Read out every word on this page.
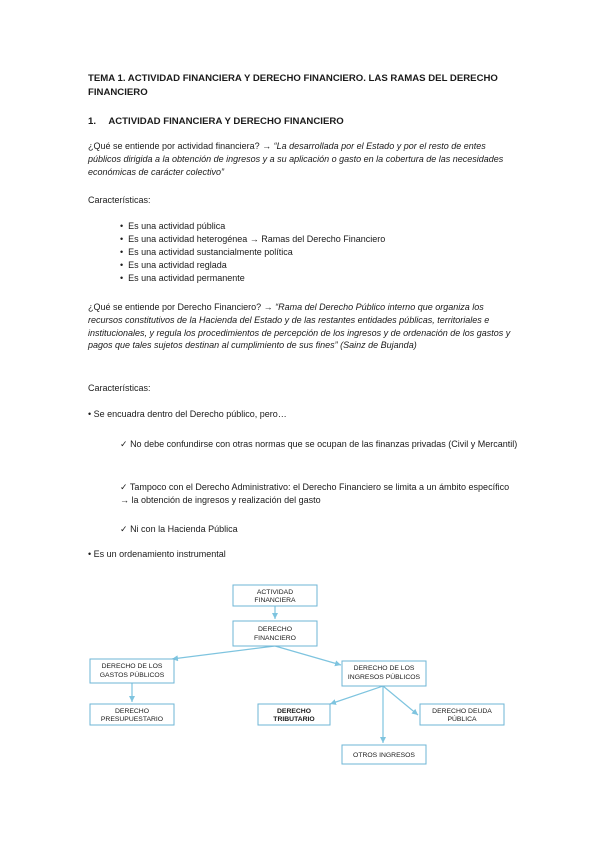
TEMA 1. ACTIVIDAD FINANCIERA Y DERECHO FINANCIERO. LAS RAMAS DEL DERECHO FINANCIERO
1. ACTIVIDAD FINANCIERA Y DERECHO FINANCIERO
¿Qué se entiende por actividad financiera? → “La desarrollada por el Estado y por el resto de entes públicos dirigida a la obtención de ingresos y a su aplicación o gasto en la cobertura de las necesidades económicas de carácter colectivo”
Características:
• Es una actividad pública
• Es una actividad heterogénea → Ramas del Derecho Financiero
• Es una actividad sustancialmente política
• Es una actividad reglada
• Es una actividad permanente
¿Qué se entiende por Derecho Financiero? → “Rama del Derecho Público interno que organiza los recursos constitutivos de la Hacienda del Estado y de las restantes entidades públicas, territoriales e institucionales, y regula los procedimientos de percepción de los ingresos y de ordenación de los gastos y pagos que tales sujetos destinan al cumplimiento de sus fines” (Sainz de Bujanda)
Características:
• Se encuadra dentro del Derecho público, pero…
✓ No debe confundirse con otras normas que se ocupan de las finanzas privadas (Civil y Mercantil)
✓ Tampoco con el Derecho Administrativo: el Derecho Financiero se limita a un ámbito específico → la obtención de ingresos y realización del gasto
✓ Ni con la Hacienda Pública
• Es un ordenamiento instrumental
ACTIVIDAD
FINANCIERA
DERECHO
FINANCIERO
DERECHO DE LOS
GASTOS PÚBLICOS
DERECHO DE LOS
INGRESOS PÚBLICOS
DERECHO
PRESUPUESTARIO
DERECHO
TRIBUTARIO
DERECHO DEUDA
PÚBLICA
OTROS INGRESOS
